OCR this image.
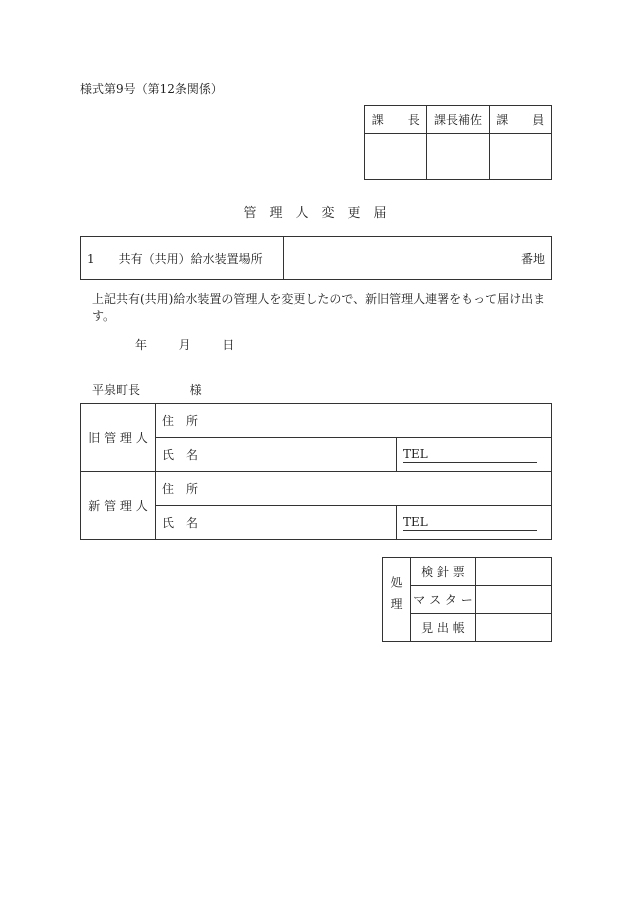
様式第9号（第12条関係）
課　　長	課長補佐	課　　員

管　理　人　変　更　届
1　　共有（共用）給水装置場所	番地
上記共有(共用)給水装置の管理人を変更したので、新旧管理人連署をもって届け出ます。
年	月	日
平泉町長	様
旧 管 理 人	住　所	
	氏　名	TEL
新 管 理 人	住　所	
	氏　名	TEL
処理	検 針 票	
	マ ス タ ー	
	見 出 帳	
